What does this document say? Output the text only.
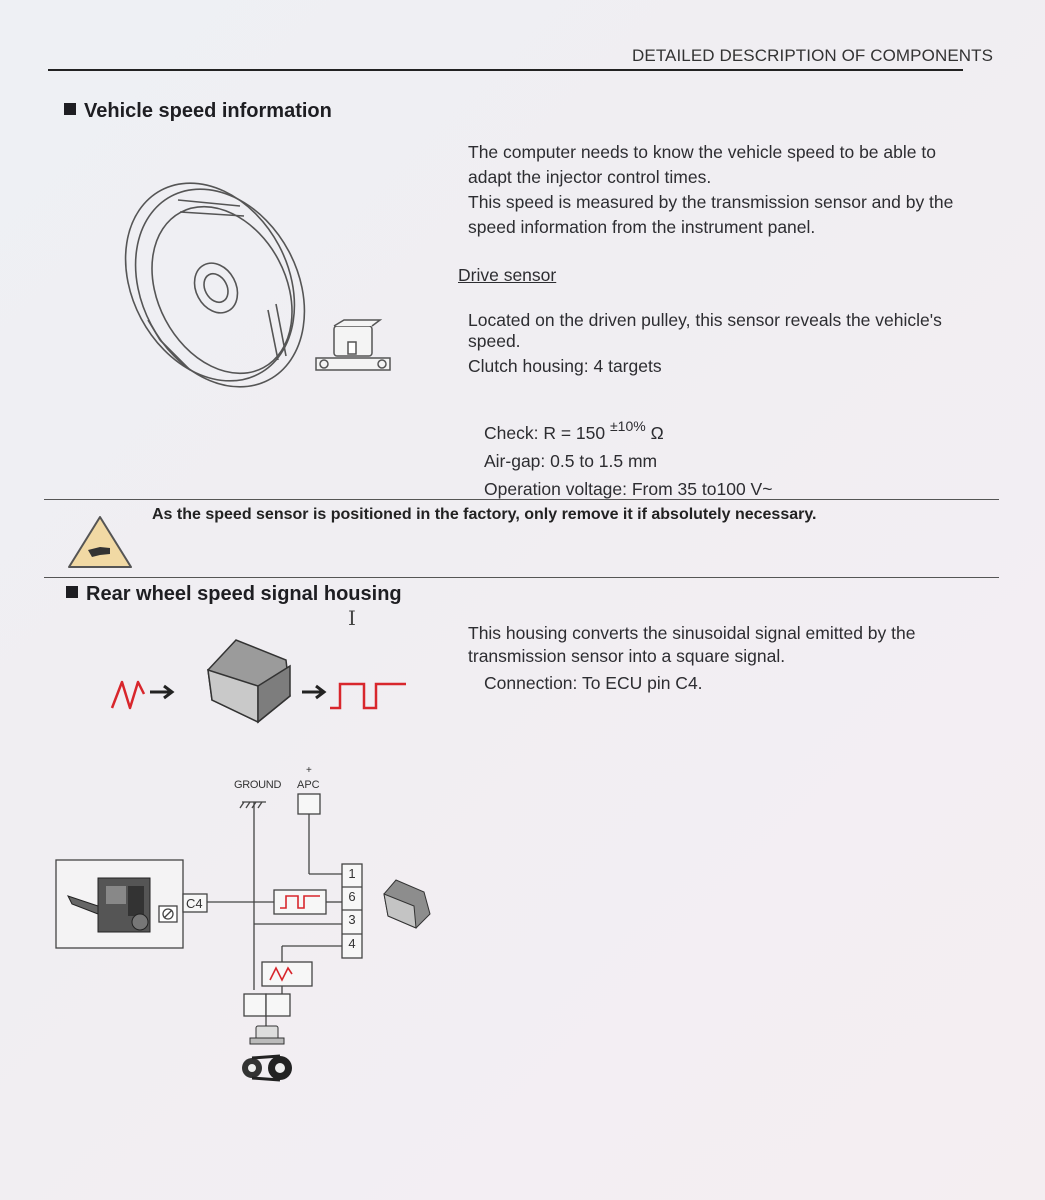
DETAILED DESCRIPTION OF COMPONENTS
Vehicle speed information
The computer needs to know the vehicle speed to be able to
adapt the injector control times.
This speed is measured by the transmission sensor and by the
speed information from the instrument panel.
Drive sensor
Located on the driven pulley, this sensor reveals the vehicle's
speed.
Clutch housing: 4 targets
Check: R = 150 $^{\pm 10\%}$ Ω
Air-gap: 0.5 to 1.5 mm
Operation voltage: From 35 to100 V~
As the speed sensor is positioned in the factory, only remove it if absolutely necessary.
Rear wheel speed signal housing
I
This housing converts the sinusoidal signal emitted by the
transmission sensor into a square signal.
Connection: To ECU pin C4.
GROUND APC
+
C4
1
6
3
4
